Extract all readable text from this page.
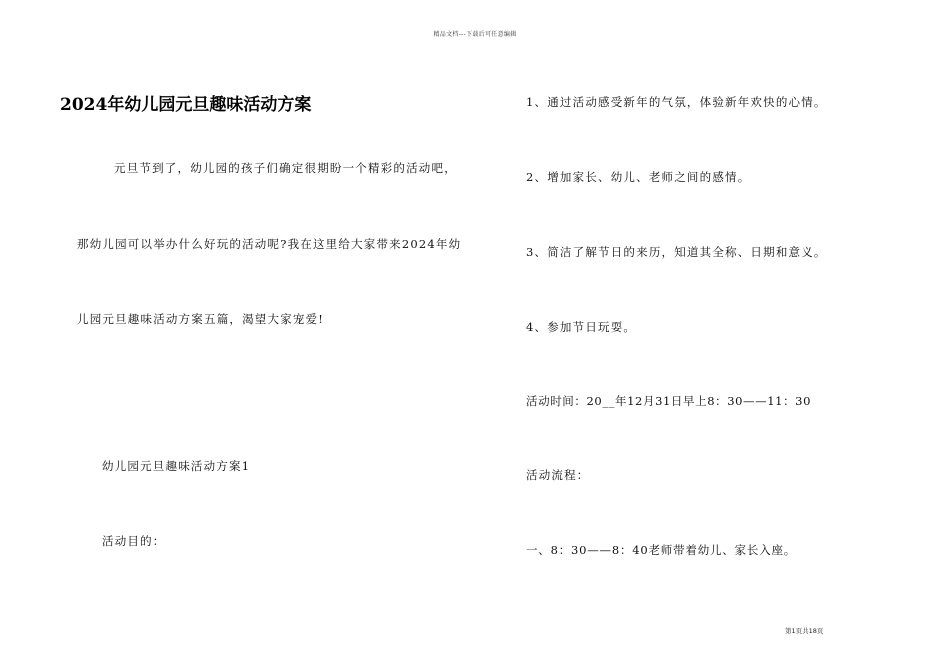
精品文档---下载后可任意编辑
2024年幼儿园元旦趣味活动方案
元旦节到了，幼儿园的孩子们确定很期盼一个精彩的活动吧，
那幼儿园可以举办什么好玩的活动呢?我在这里给大家带来2024年幼
儿园元旦趣味活动方案五篇，渴望大家宠爱!
幼儿园元旦趣味活动方案1
活动目的：
1、通过活动感受新年的气氛，体验新年欢快的心情。
2、增加家长、幼儿、老师之间的感情。
3、简洁了解节日的来历，知道其全称、日期和意义。
4、参加节日玩耍。
活动时间：20__年12月31日早上8：30——11：30
活动流程：
一、8：30——8：40老师带着幼儿、家长入座。
第1页共18页
